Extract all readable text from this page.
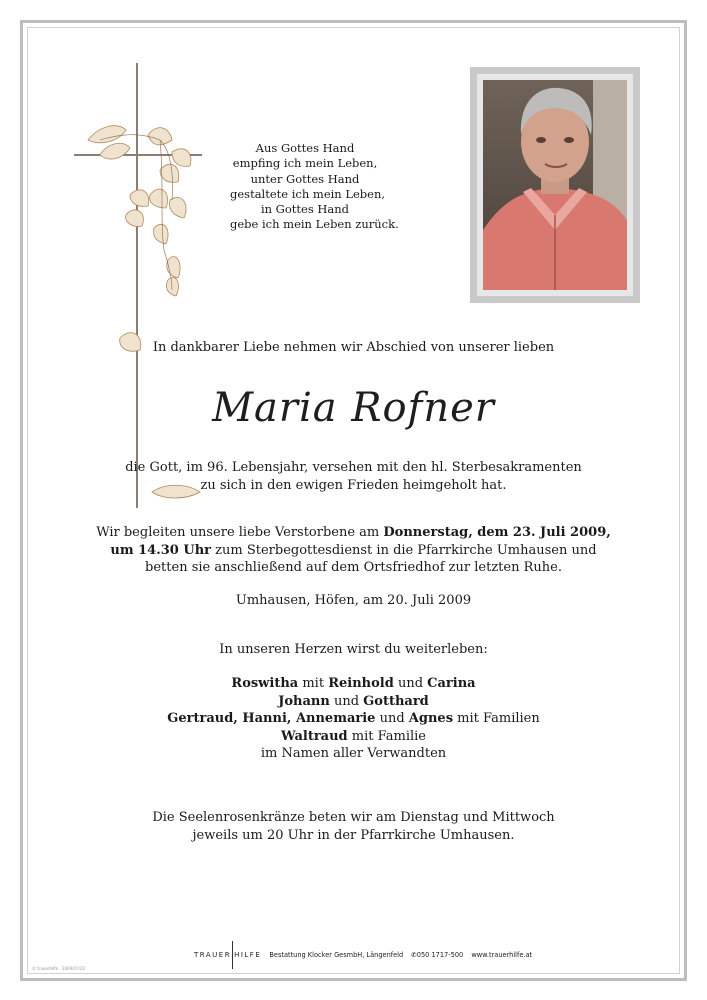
Aus Gottes Hand
empfing ich mein Leben,
unter Gottes Hand
gestaltete ich mein Leben,
in Gottes Hand
gebe ich mein Leben zurück.
In dankbarer Liebe nehmen wir Abschied von unserer lieben
Maria Rofner
die Gott, im 96. Lebensjahr, versehen mit den hl. Sterbesakramenten
zu sich in den ewigen Frieden heimgeholt hat.
Wir begleiten unsere liebe Verstorbene am Donnerstag, dem 23. Juli 2009,
um 14.30 Uhr zum Sterbegottesdienst in die Pfarrkirche Umhausen und
betten sie anschließend auf dem Ortsfriedhof zur letzten Ruhe.
Umhausen, Höfen, am 20. Juli 2009
In unseren Herzen wirst du weiterleben:
Roswitha mit Reinhold und Carina
Johann und Gotthard
Gertraud, Hanni, Annemarie und Agnes mit Familien
Waltraud mit Familie
im Namen aller Verwandten
Die Seelenrosenkränze beten wir am Dienstag und Mittwoch
jeweils um 20 Uhr in der Pfarrkirche Umhausen.
TRAUER HILFE Bestattung Klocker GesmbH, Längenfeld ✆050 1717-500 www.trauerhilfe.at
© trauerhilfe · 2009/07/20
